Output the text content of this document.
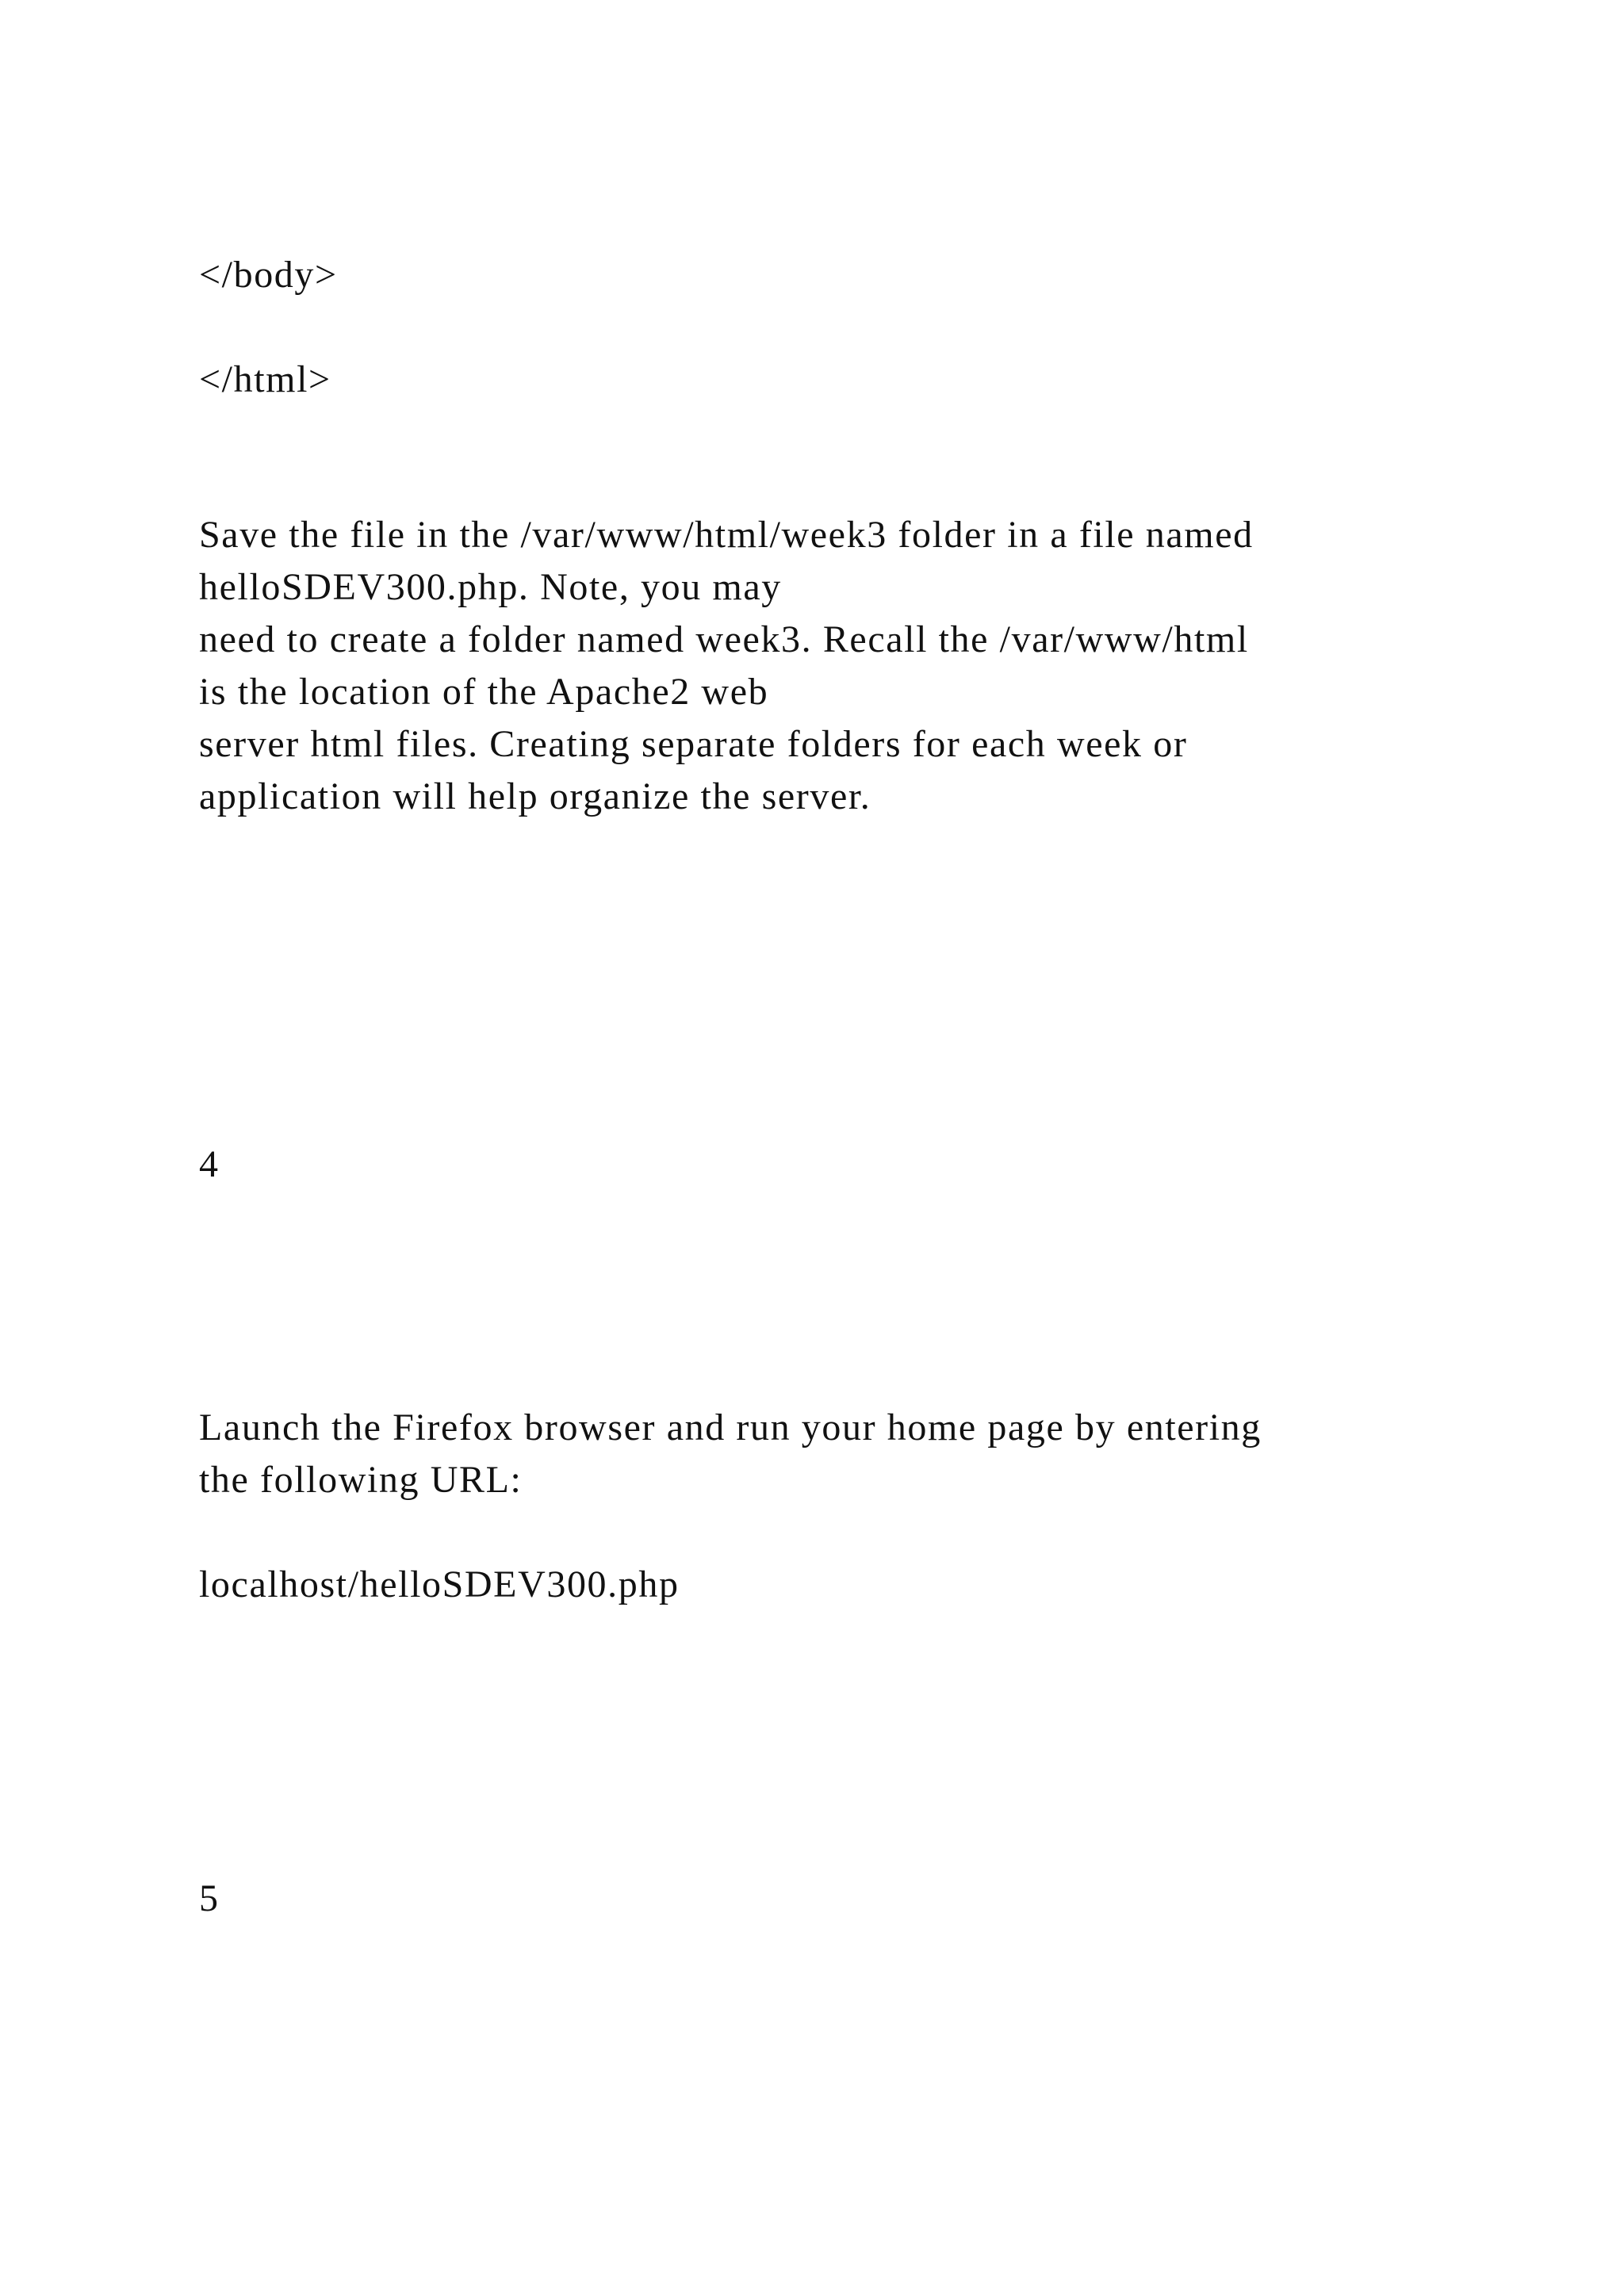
</body>

</html>

Save the file in the /var/www/html/week3 folder in a file named
helloSDEV300.php. Note, you may
need to create a folder named week3. Recall the /var/www/html
is the location of the Apache2 web
server html files. Creating separate folders for each week or
application will help organize the server.

4

Launch the Firefox browser and run your home page by entering
the following URL:

localhost/helloSDEV300.php

5
